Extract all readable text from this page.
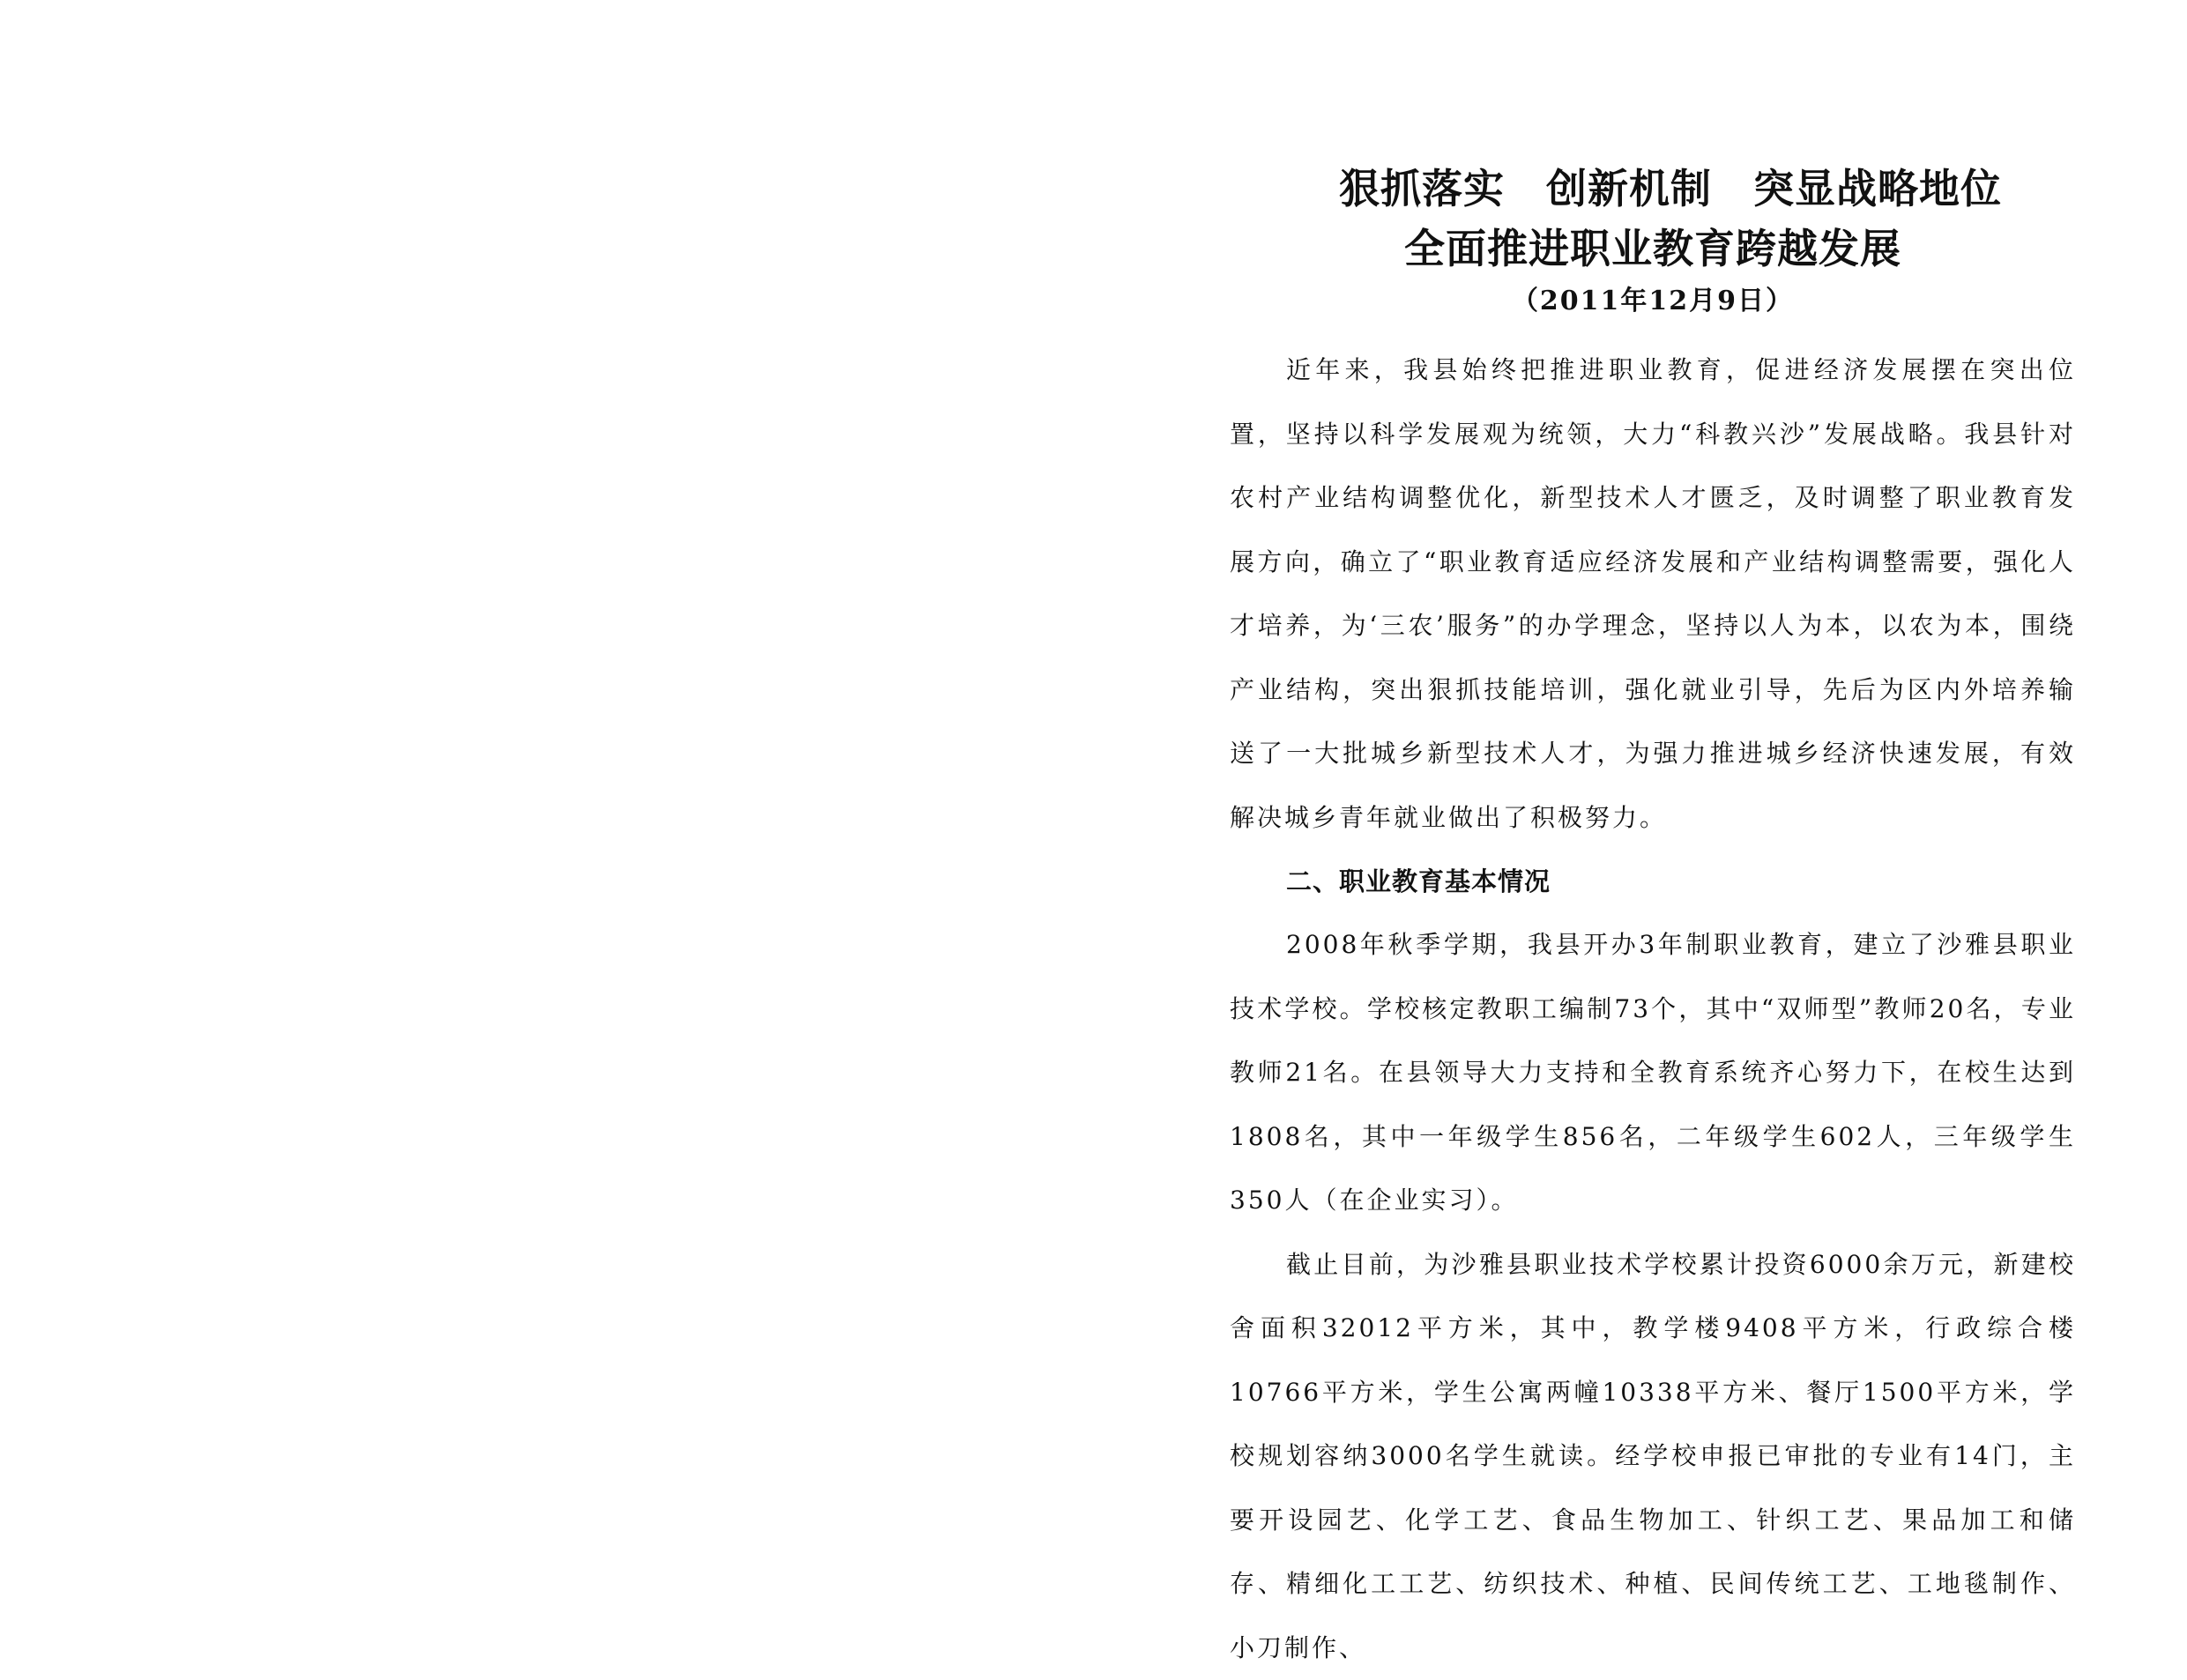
狠抓落实　创新机制　突显战略地位
全面推进职业教育跨越发展
（2011年12月9日）

近年来，我县始终把推进职业教育，促进经济发展摆在突出位置，坚持以科学发展观为统领，大力“科教兴沙”发展战略。我县针对农村产业结构调整优化，新型技术人才匮乏，及时调整了职业教育发展方向，确立了“职业教育适应经济发展和产业结构调整需要，强化人才培养，为‘三农’服务”的办学理念，坚持以人为本，以农为本，围绕产业结构，突出狠抓技能培训，强化就业引导，先后为区内外培养输送了一大批城乡新型技术人才，为强力推进城乡经济快速发展，有效解决城乡青年就业做出了积极努力。

二、职业教育基本情况

2008年秋季学期，我县开办3年制职业教育，建立了沙雅县职业技术学校。学校核定教职工编制73个，其中“双师型”教师20名，专业教师21名。在县领导大力支持和全教育系统齐心努力下，在校生达到1808名，其中一年级学生856名，二年级学生602人，三年级学生350人（在企业实习）。

截止目前，为沙雅县职业技术学校累计投资6000余万元，新建校舍面积32012平方米，其中，教学楼9408平方米，行政综合楼10766平方米，学生公寓两幢10338平方米、餐厅1500平方米，学校规划容纳3000名学生就读。经学校申报已审批的专业有14门，主要开设园艺、化学工艺、食品生物加工、针织工艺、果品加工和储存、精细化工工艺、纺织技术、种植、民间传统工艺、工地毯制作、小刀制作、
